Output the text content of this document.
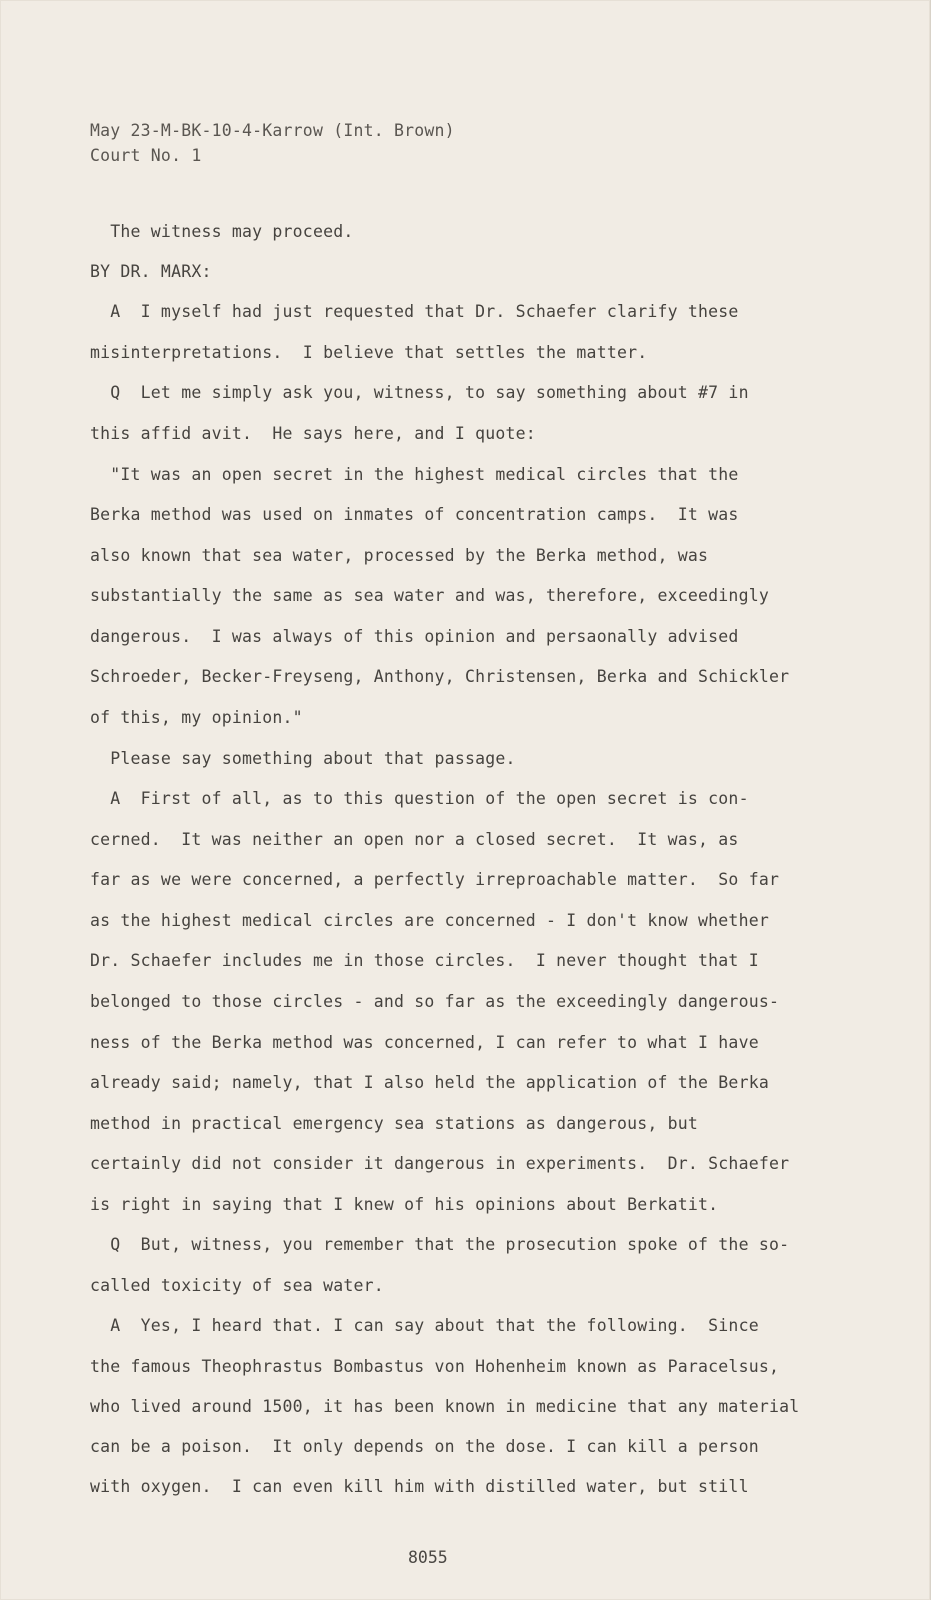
May 23-M-BK-10-4-Karrow (Int. Brown)
Court No. 1
The witness may proceed.
BY DR. MARX:
A  I myself had just requested that Dr. Schaefer clarify these
misinterpretations.  I believe that settles the matter.
Q  Let me simply ask you, witness, to say something about #7 in
this affid avit.  He says here, and I quote:
"It was an open secret in the highest medical circles that the
Berka method was used on inmates of concentration camps.  It was
also known that sea water, processed by the Berka method, was
substantially the same as sea water and was, therefore, exceedingly
dangerous.  I was always of this opinion and persaonally advised
Schroeder, Becker-Freyseng, Anthony, Christensen, Berka and Schickler
of this, my opinion."
Please say something about that passage.
A  First of all, as to this question of the open secret is con-
cerned.  It was neither an open nor a closed secret.  It was, as
far as we were concerned, a perfectly irreproachable matter.  So far
as the highest medical circles are concerned - I don't know whether
Dr. Schaefer includes me in those circles.  I never thought that I
belonged to those circles - and so far as the exceedingly dangerous-
ness of the Berka method was concerned, I can refer to what I have
already said; namely, that I also held the application of the Berka
method in practical emergency sea stations as dangerous, but
certainly did not consider it dangerous in experiments.  Dr. Schaefer
is right in saying that I knew of his opinions about Berkatit.
Q  But, witness, you remember that the prosecution spoke of the so-
called toxicity of sea water.
A  Yes, I heard that. I can say about that the following.  Since
the famous Theophrastus Bombastus von Hohenheim known as Paracelsus,
who lived around 1500, it has been known in medicine that any material
can be a poison.  It only depends on the dose. I can kill a person
with oxygen.  I can even kill him with distilled water, but still
8055
